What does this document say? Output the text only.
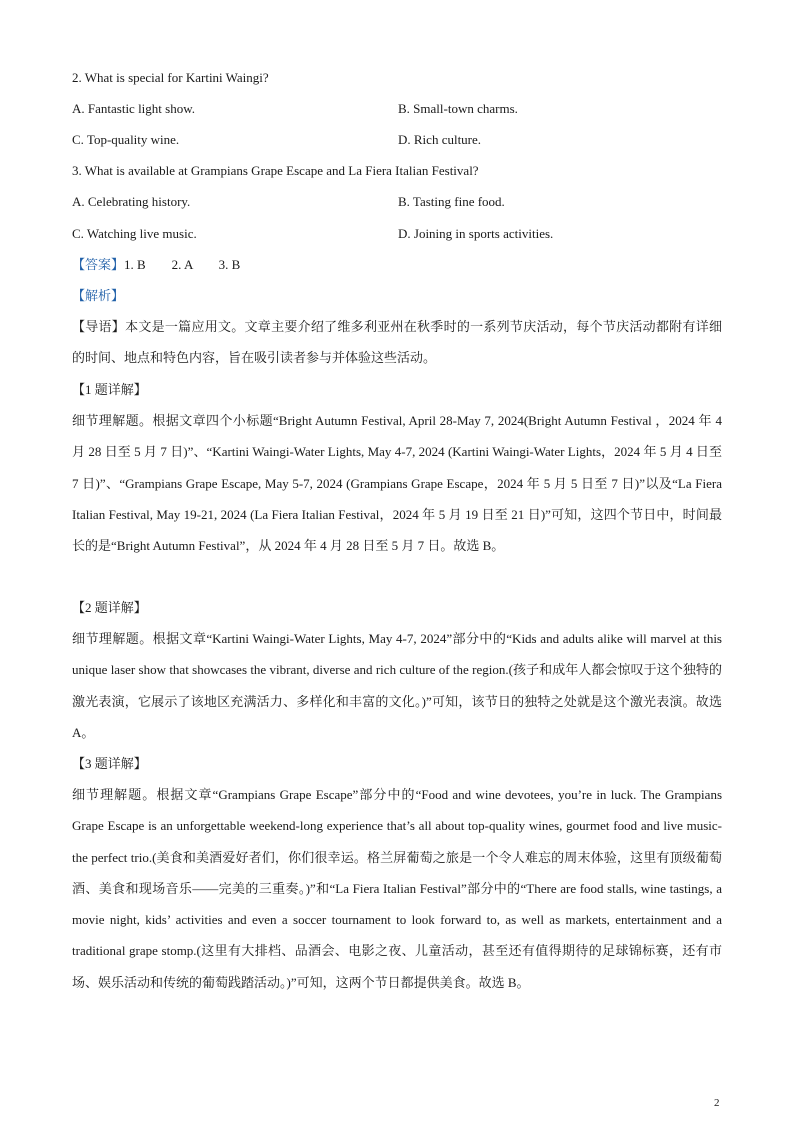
2. What is special for Kartini Waingi?
A. Fantastic light show.	B. Small-town charms.
C. Top-quality wine.	D. Rich culture.
3. What is available at Grampians Grape Escape and La Fiera Italian Festival?
A. Celebrating history.	B. Tasting fine food.
C. Watching live music.	D. Joining in sports activities.
【答案】1. B　　2. A　　3. B
【解析】

【导语】本文是一篇应用文。文章主要介绍了维多利亚州在秋季时的一系列节庆活动，每个节庆活动都附有详细的时间、地点和特色内容，旨在吸引读者参与并体验这些活动。

【1 题详解】

细节理解题。根据文章四个小标题“Bright Autumn Festival, April 28-May 7, 2024(Bright Autumn Festival ，2024 年 4 月 28 日至 5 月 7 日)”、“Kartini Waingi-Water Lights, May 4-7, 2024 (Kartini Waingi-Water Lights，2024 年 5 月 4 日至 7 日)”、“Grampians Grape Escape, May 5-7, 2024 (Grampians Grape Escape，2024 年 5 月 5 日至 7 日)”以及“La Fiera Italian Festival, May 19-21, 2024 (La Fiera Italian Festival，2024 年 5 月 19 日至 21 日)”可知，这四个节日中，时间最长的是“Bright Autumn Festival”，从 2024 年 4 月 28 日至 5 月 7 日。故选 B。

【2 题详解】

细节理解题。根据文章“Kartini Waingi-Water Lights, May 4-7, 2024”部分中的“Kids and adults alike will marvel at this unique laser show that showcases the vibrant, diverse and rich culture of the region.(孩子和成年人都会惊叹于这个独特的激光表演，它展示了该地区充满活力、多样化和丰富的文化。)”可知，该节日的独特之处就是这个激光表演。故选 A。

【3 题详解】

细节理解题。根据文章“Grampians Grape Escape”部分中的“Food and wine devotees, you’re in luck. The Grampians Grape Escape is an unforgettable weekend-long experience that’s all about top-quality wines, gourmet food and live music- the perfect trio.(美食和美酒爱好者们，你们很幸运。格兰屏葡萄之旅是一个令人难忘的周末体验，这里有顶级葡萄酒、美食和现场音乐——完美的三重奏。)”和“La Fiera Italian Festival”部分中的“There are food stalls, wine tastings, a movie night, kids’ activities and even a soccer tournament to look forward to, as well as markets, entertainment and a traditional grape stomp.(这里有大排档、品酒会、电影之夜、儿童活动，甚至还有值得期待的足球锦标赛，还有市场、娱乐活动和传统的葡萄践踏活动。)”可知，这两个节日都提供美食。故选 B。

2
